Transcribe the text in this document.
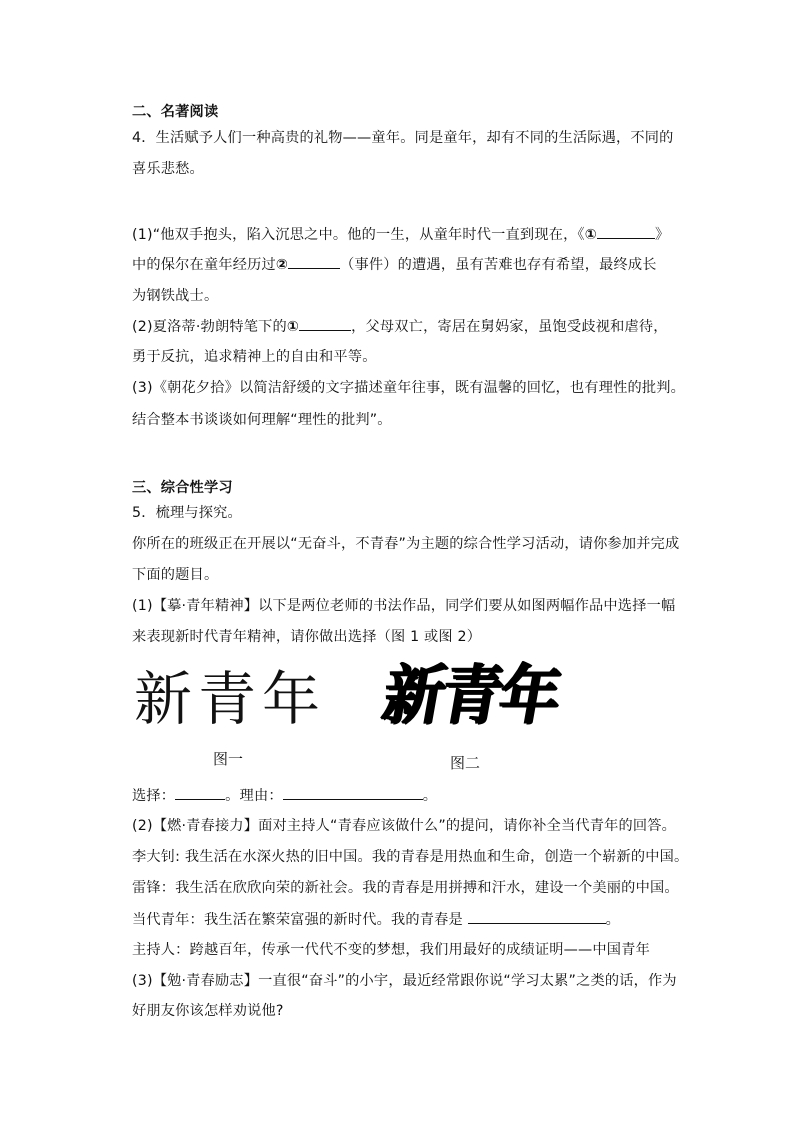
二、名著阅读
4．生活赋予人们一种高贵的礼物——童年。同是童年，却有不同的生活际遇，不同的
喜乐悲愁。
(1)“他双手抱头，陷入沉思之中。他的一生，从童年时代一直到现在，《①	》
中的保尔在童年经历过②	（事件）的遭遇，虽有苦难也存有希望，最终成长
为钢铁战士。
(2)夏洛蒂·勃朗特笔下的①	，父母双亡，寄居在舅妈家，虽饱受歧视和虐待，
勇于反抗，追求精神上的自由和平等。
(3)《朝花夕拾》以简洁舒缓的文字描述童年往事，既有温馨的回忆，也有理性的批判。
结合整本书谈谈如何理解“理性的批判”。
三、综合性学习
5．梳理与探究。
你所在的班级正在开展以“无奋斗，不青春”为主题的综合性学习活动，请你参加并完成
下面的题目。
(1)【摹·青年精神】以下是两位老师的书法作品，同学们要从如图两幅作品中选择一幅
来表现新时代青年精神，请你做出选择（图 1 或图 2）
新青年 新青年
图一	图二
选择：	。理由：	。
(2)【燃·青春接力】面对主持人“青春应该做什么”的提问，请你补全当代青年的回答。
李大钊: 我生活在水深火热的旧中国。我的青春是用热血和生命，创造一个崭新的中国。
雷锋：我生活在欣欣向荣的新社会。我的青春是用拼搏和汗水，建设一个美丽的中国。
当代青年：我生活在繁荣富强的新时代。我的青春是	。
主持人：跨越百年，传承一代代不变的梦想，我们用最好的成绩证明——中国青年
(3)【勉·青春励志】一直很“奋斗”的小宇，最近经常跟你说“学习太累”之类的话，作为
好朋友你该怎样劝说他?
